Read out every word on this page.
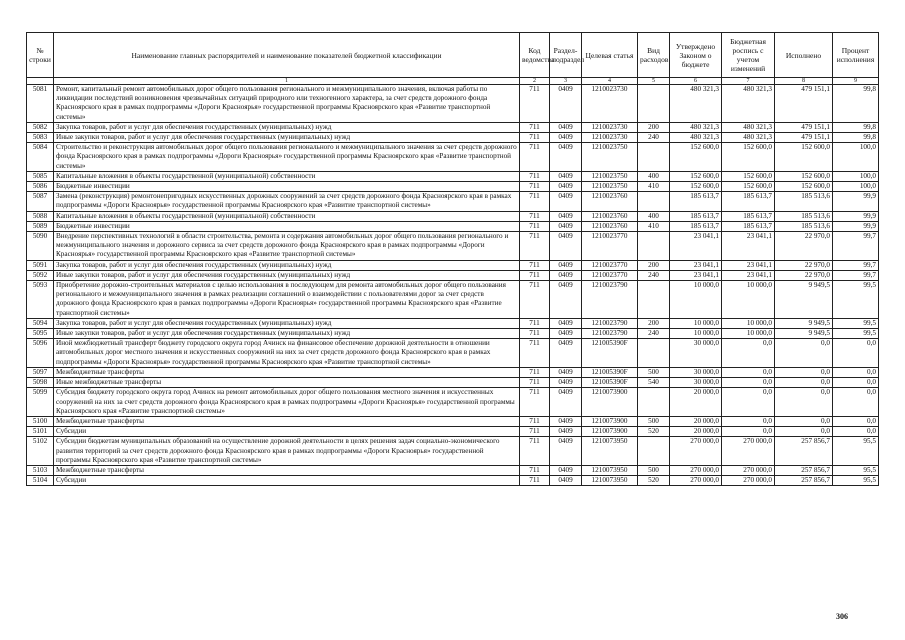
№ строки	Наименование главных распорядителей и наименование показателей бюджетной классификации	Код ведомства	Раздел-подраздел	Целевая статья	Вид расходов	Утверждено Законом о бюджете	Бюджетная роспись с учетом изменений	Исполнено	Процент исполнения
	1	2	3	4	5	6	7	8	9
5081	Ремонт, капитальный ремонт автомобильных дорог общего пользования регионального и межмуниципального значения, включая работы по ликвидации последствий возникновения чрезвычайных ситуаций природного или техногенного характера, за счет средств дорожного фонда Красноярского края в рамках подпрограммы «Дороги Красноярья» государственной программы Красноярского края «Развитие транспортной системы»	711	0409	1210023730		480 321,3	480 321,3	479 151,1	99,8
5082	Закупка товаров, работ и услуг для обеспечения государственных (муниципальных) нужд	711	0409	1210023730	200	480 321,3	480 321,3	479 151,1	99,8
5083	Иные закупки товаров, работ и услуг для обеспечения государственных (муниципальных) нужд	711	0409	1210023730	240	480 321,3	480 321,3	479 151,1	99,8
5084	Строительство и реконструкция автомобильных дорог общего пользования регионального и межмуниципального значения за счет средств дорожного фонда Красноярского края в рамках подпрограммы «Дороги Красноярья» государственной программы Красноярского края «Развитие транспортной системы»	711	0409	1210023750		152 600,0	152 600,0	152 600,0	100,0
5085	Капитальные вложения в объекты государственной (муниципальной) собственности	711	0409	1210023750	400	152 600,0	152 600,0	152 600,0	100,0
5086	Бюджетные инвестиции	711	0409	1210023750	410	152 600,0	152 600,0	152 600,0	100,0
5087	Замена (реконструкция) ремонтонепригодных искусственных дорожных сооружений за счет средств дорожного фонда Красноярского края в рамках подпрограммы «Дороги Красноярья» государственной программы Красноярского края «Развитие транспортной системы»	711	0409	1210023760		185 613,7	185 613,7	185 513,6	99,9
5088	Капитальные вложения в объекты государственной (муниципальной) собственности	711	0409	1210023760	400	185 613,7	185 613,7	185 513,6	99,9
5089	Бюджетные инвестиции	711	0409	1210023760	410	185 613,7	185 613,7	185 513,6	99,9
5090	Внедрение перспективных технологий в области строительства, ремонта и содержания автомобильных дорог общего пользования регионального и межмуниципального значения и дорожного сервиса за счет средств дорожного фонда Красноярского края в рамках подпрограммы «Дороги Красноярья» государственной программы Красноярского края «Развитие транспортной системы»	711	0409	1210023770		23 041,1	23 041,1	22 970,0	99,7
5091	Закупка товаров, работ и услуг для обеспечения государственных (муниципальных) нужд	711	0409	1210023770	200	23 041,1	23 041,1	22 970,0	99,7
5092	Иные закупки товаров, работ и услуг для обеспечения государственных (муниципальных) нужд	711	0409	1210023770	240	23 041,1	23 041,1	22 970,0	99,7
5093	Приобретение дорожно-строительных материалов с целью использования в последующем для ремонта автомобильных дорог общего пользования регионального и межмуниципального значения в рамках реализации соглашений о взаимодействии с пользователями дорог за счет средств дорожного фонда Красноярского края в рамках подпрограммы «Дороги Красноярья» государственной программы Красноярского края «Развитие транспортной системы»	711	0409	1210023790		10 000,0	10 000,0	9 949,5	99,5
5094	Закупка товаров, работ и услуг для обеспечения государственных (муниципальных) нужд	711	0409	1210023790	200	10 000,0	10 000,0	9 949,5	99,5
5095	Иные закупки товаров, работ и услуг для обеспечения государственных (муниципальных) нужд	711	0409	1210023790	240	10 000,0	10 000,0	9 949,5	99,5
5096	Иной межбюджетный трансферт бюджету городского округа город Ачинск на финансовое обеспечение дорожной деятельности в отношении автомобильных дорог местного значения и искусственных сооружений на них за счет средств дорожного фонда Красноярского края в рамках подпрограммы «Дороги Красноярья» государственной программы Красноярского края «Развитие транспортной системы»	711	0409	121005390F		30 000,0	0,0	0,0	0,0
5097	Межбюджетные трансферты	711	0409	121005390F	500	30 000,0	0,0	0,0	0,0
5098	Иные межбюджетные трансферты	711	0409	121005390F	540	30 000,0	0,0	0,0	0,0
5099	Субсидия бюджету городского округа город Ачинск на ремонт автомобильных дорог общего пользования местного значения и искусственных сооружений на них за счет средств дорожного фонда Красноярского края в рамках подпрограммы «Дороги Красноярья» государственной программы Красноярского края «Развитие транспортной системы»	711	0409	1210073900		20 000,0	0,0	0,0	0,0
5100	Межбюджетные трансферты	711	0409	1210073900	500	20 000,0	0,0	0,0	0,0
5101	Субсидии	711	0409	1210073900	520	20 000,0	0,0	0,0	0,0
5102	Субсидии бюджетам муниципальных образований на осуществление дорожной деятельности в целях решения задач социально-экономического развития территорий за счет средств дорожного фонда Красноярского края в рамках подпрограммы «Дороги Красноярья» государственной программы Красноярского края «Развитие транспортной системы»	711	0409	1210073950		270 000,0	270 000,0	257 856,7	95,5
5103	Межбюджетные трансферты	711	0409	1210073950	500	270 000,0	270 000,0	257 856,7	95,5
5104	Субсидии	711	0409	1210073950	520	270 000,0	270 000,0	257 856,7	95,5
306
